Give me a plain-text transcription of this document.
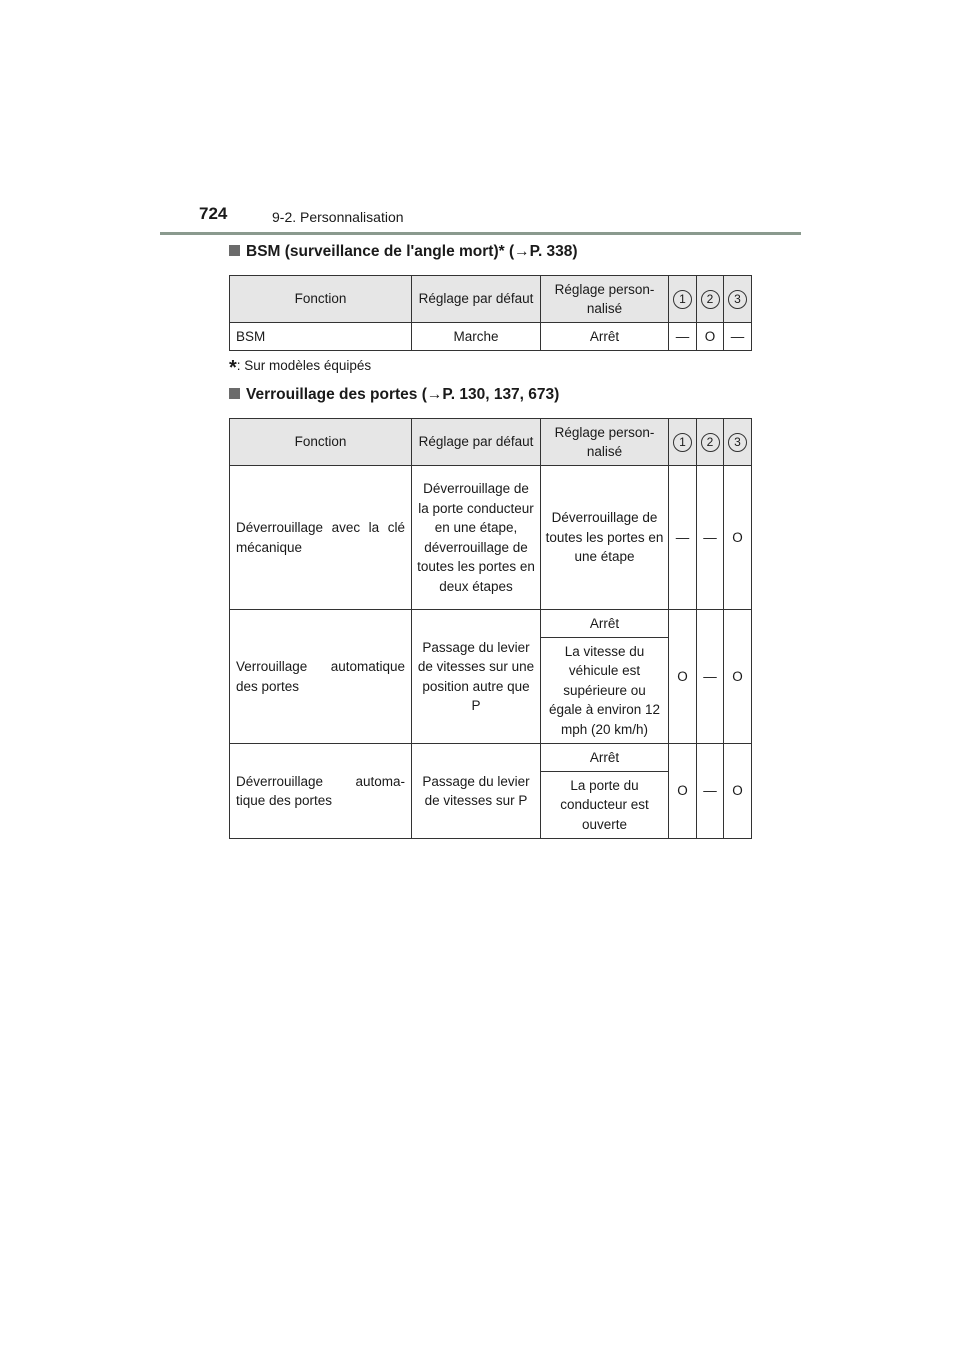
724	9-2. Personnalisation
BSM (surveillance de l'angle mort)* (→P. 338)
Fonction	Réglage par défaut	Réglage person-nalisé	1	2	3
BSM	Marche	Arrêt	—	O	—
*: Sur modèles équipés
Verrouillage des portes (→P. 130, 137, 673)
Fonction	Réglage par défaut	Réglage person-nalisé	1	2	3
Déverrouillage avec la clé mécanique	Déverrouillage de la porte conducteur en une étape, déverrouillage de toutes les portes en deux étapes	Déverrouillage de toutes les portes en une étape	—	—	O
Verrouillage automatique des portes	Passage du levier de vitesses sur une position autre que P	Arrêt	O	—	O
		La vitesse du véhicule est supérieure ou égale à environ 12 mph (20 km/h)			
Déverrouillage automa-tique des portes	Passage du levier de vitesses sur P	Arrêt	O	—	O
		La porte du conducteur est ouverte			
